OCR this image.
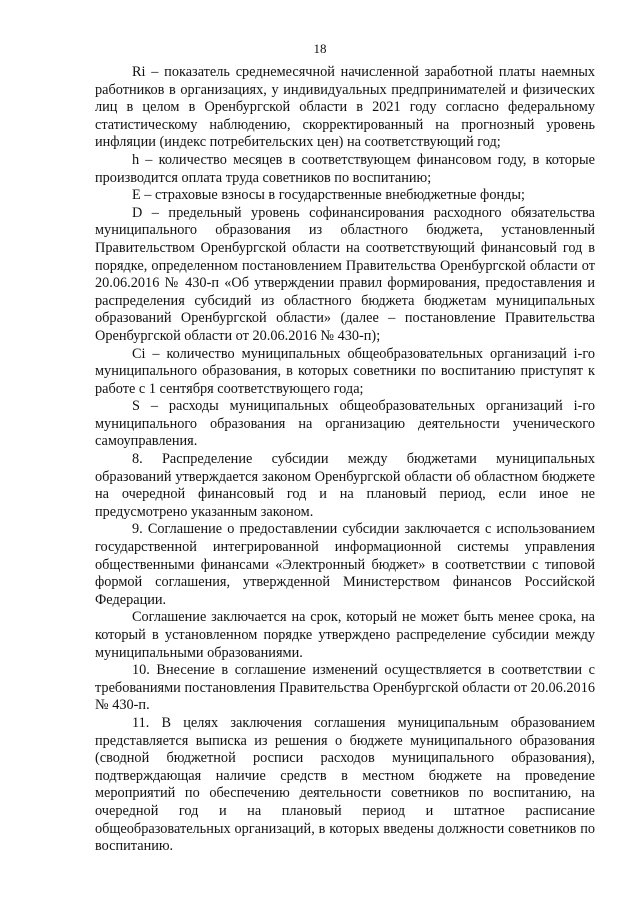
18

Ri – показатель среднемесячной начисленной заработной платы наемных работников в организациях, у индивидуальных предпринимателей и физических лиц в целом в Оренбургской области в 2021 году согласно федеральному статистическому наблюдению, скорректированный на прогнозный уровень инфляции (индекс потребительских цен) на соответствующий год;

h – количество месяцев в соответствующем финансовом году, в которые производится оплата труда советников по воспитанию;

E – страховые взносы в государственные внебюджетные фонды;

D – предельный уровень софинансирования расходного обязательства муниципального образования из областного бюджета, установленный Правительством Оренбургской области на соответствующий финансовый год в порядке, определенном постановлением Правительства Оренбургской области от 20.06.2016 № 430-п «Об утверждении правил формирования, предоставления и распределения субсидий из областного бюджета бюджетам муниципальных образований Оренбургской области» (далее – постановление Правительства Оренбургской области от 20.06.2016 № 430-п);

Ci – количество муниципальных общеобразовательных организаций i-го муниципального образования, в которых советники по воспитанию приступят к работе с 1 сентября соответствующего года;

S – расходы муниципальных общеобразовательных организаций i-го муниципального образования на организацию деятельности ученического самоуправления.

8. Распределение субсидии между бюджетами муниципальных образований утверждается законом Оренбургской области об областном бюджете на очередной финансовый год и на плановый период, если иное не предусмотрено указанным законом.

9. Соглашение о предоставлении субсидии заключается с использованием государственной интегрированной информационной системы управления общественными финансами «Электронный бюджет» в соответствии с типовой формой соглашения, утвержденной Министерством финансов Российской Федерации.

Соглашение заключается на срок, который не может быть менее срока, на который в установленном порядке утверждено распределение субсидии между муниципальными образованиями.

10. Внесение в соглашение изменений осуществляется в соответствии с требованиями постановления Правительства Оренбургской области от 20.06.2016 № 430-п.

11. В целях заключения соглашения муниципальным образованием представляется выписка из решения о бюджете муниципального образования (сводной бюджетной росписи расходов муниципального образования), подтверждающая наличие средств в местном бюджете на проведение мероприятий по обеспечению деятельности советников по воспитанию, на очередной год и на плановый период и штатное расписание общеобразовательных организаций, в которых введены должности советников по воспитанию.
